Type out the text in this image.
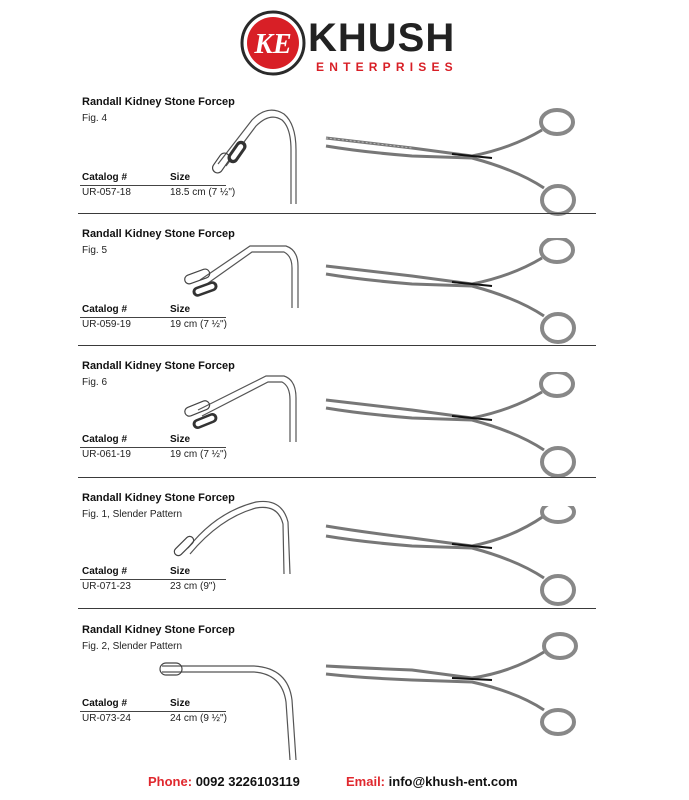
KE KHUSH
ENTERPRISES
Randall Kidney Stone Forcep
Fig. 4
Catalog #	Size
UR-057-18	18.5 cm (7 ½")
Randall Kidney Stone Forcep
Fig. 5
Catalog #	Size
UR-059-19	19 cm (7 ½")
Randall Kidney Stone Forcep
Fig. 6
Catalog #	Size
UR-061-19	19 cm (7 ½")
Randall Kidney Stone Forcep
Fig. 1, Slender Pattern
Catalog #	Size
UR-071-23	23 cm (9")
Randall Kidney Stone Forcep
Fig. 2, Slender Pattern
Catalog #	Size
UR-073-24	24 cm (9 ½")
Phone: 0092 3226103119	Email: info@khush-ent.com
